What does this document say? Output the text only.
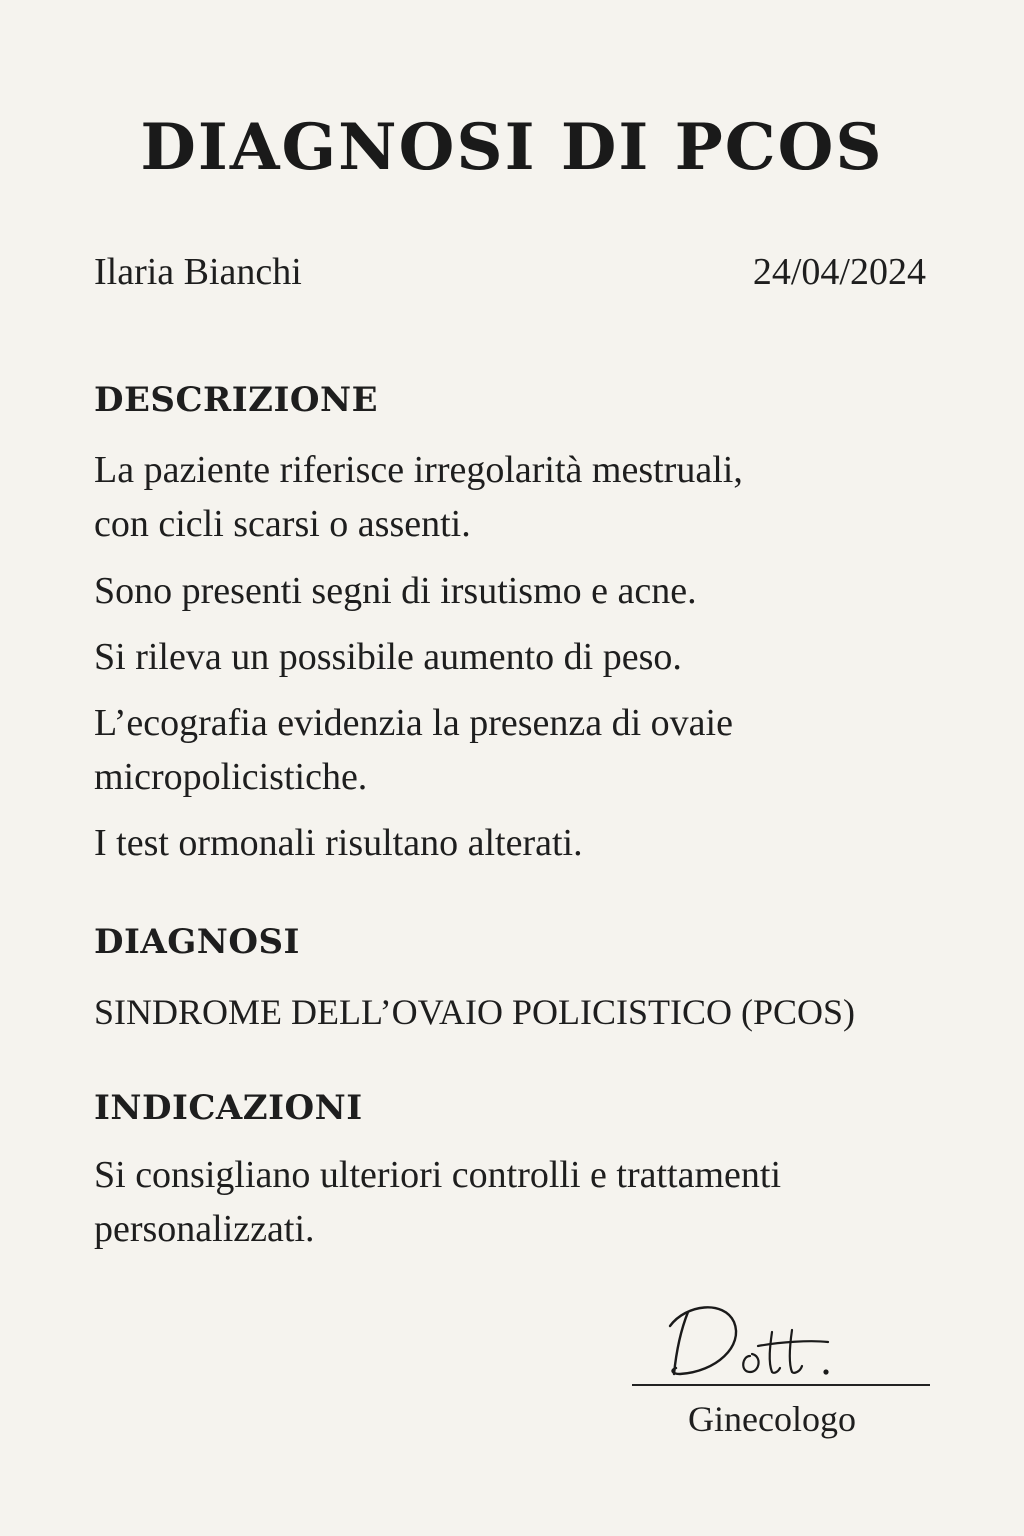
DIAGNOSI DI PCOS
Ilaria Bianchi	24/04/2024
DESCRIZIONE
La paziente riferisce irregolarità mestruali,
con cicli scarsi o assenti.
Sono presenti segni di irsutismo e acne.
Si rileva un possibile aumento di peso.
L’ecografia evidenzia la presenza di ovaie
micropolicistiche.
I test ormonali risultano alterati.
DIAGNOSI
SINDROME DELL’OVAIO POLICISTICO (PCOS)
INDICAZIONI
Si consigliano ulteriori controlli e trattamenti
personalizzati.
Ginecologo
